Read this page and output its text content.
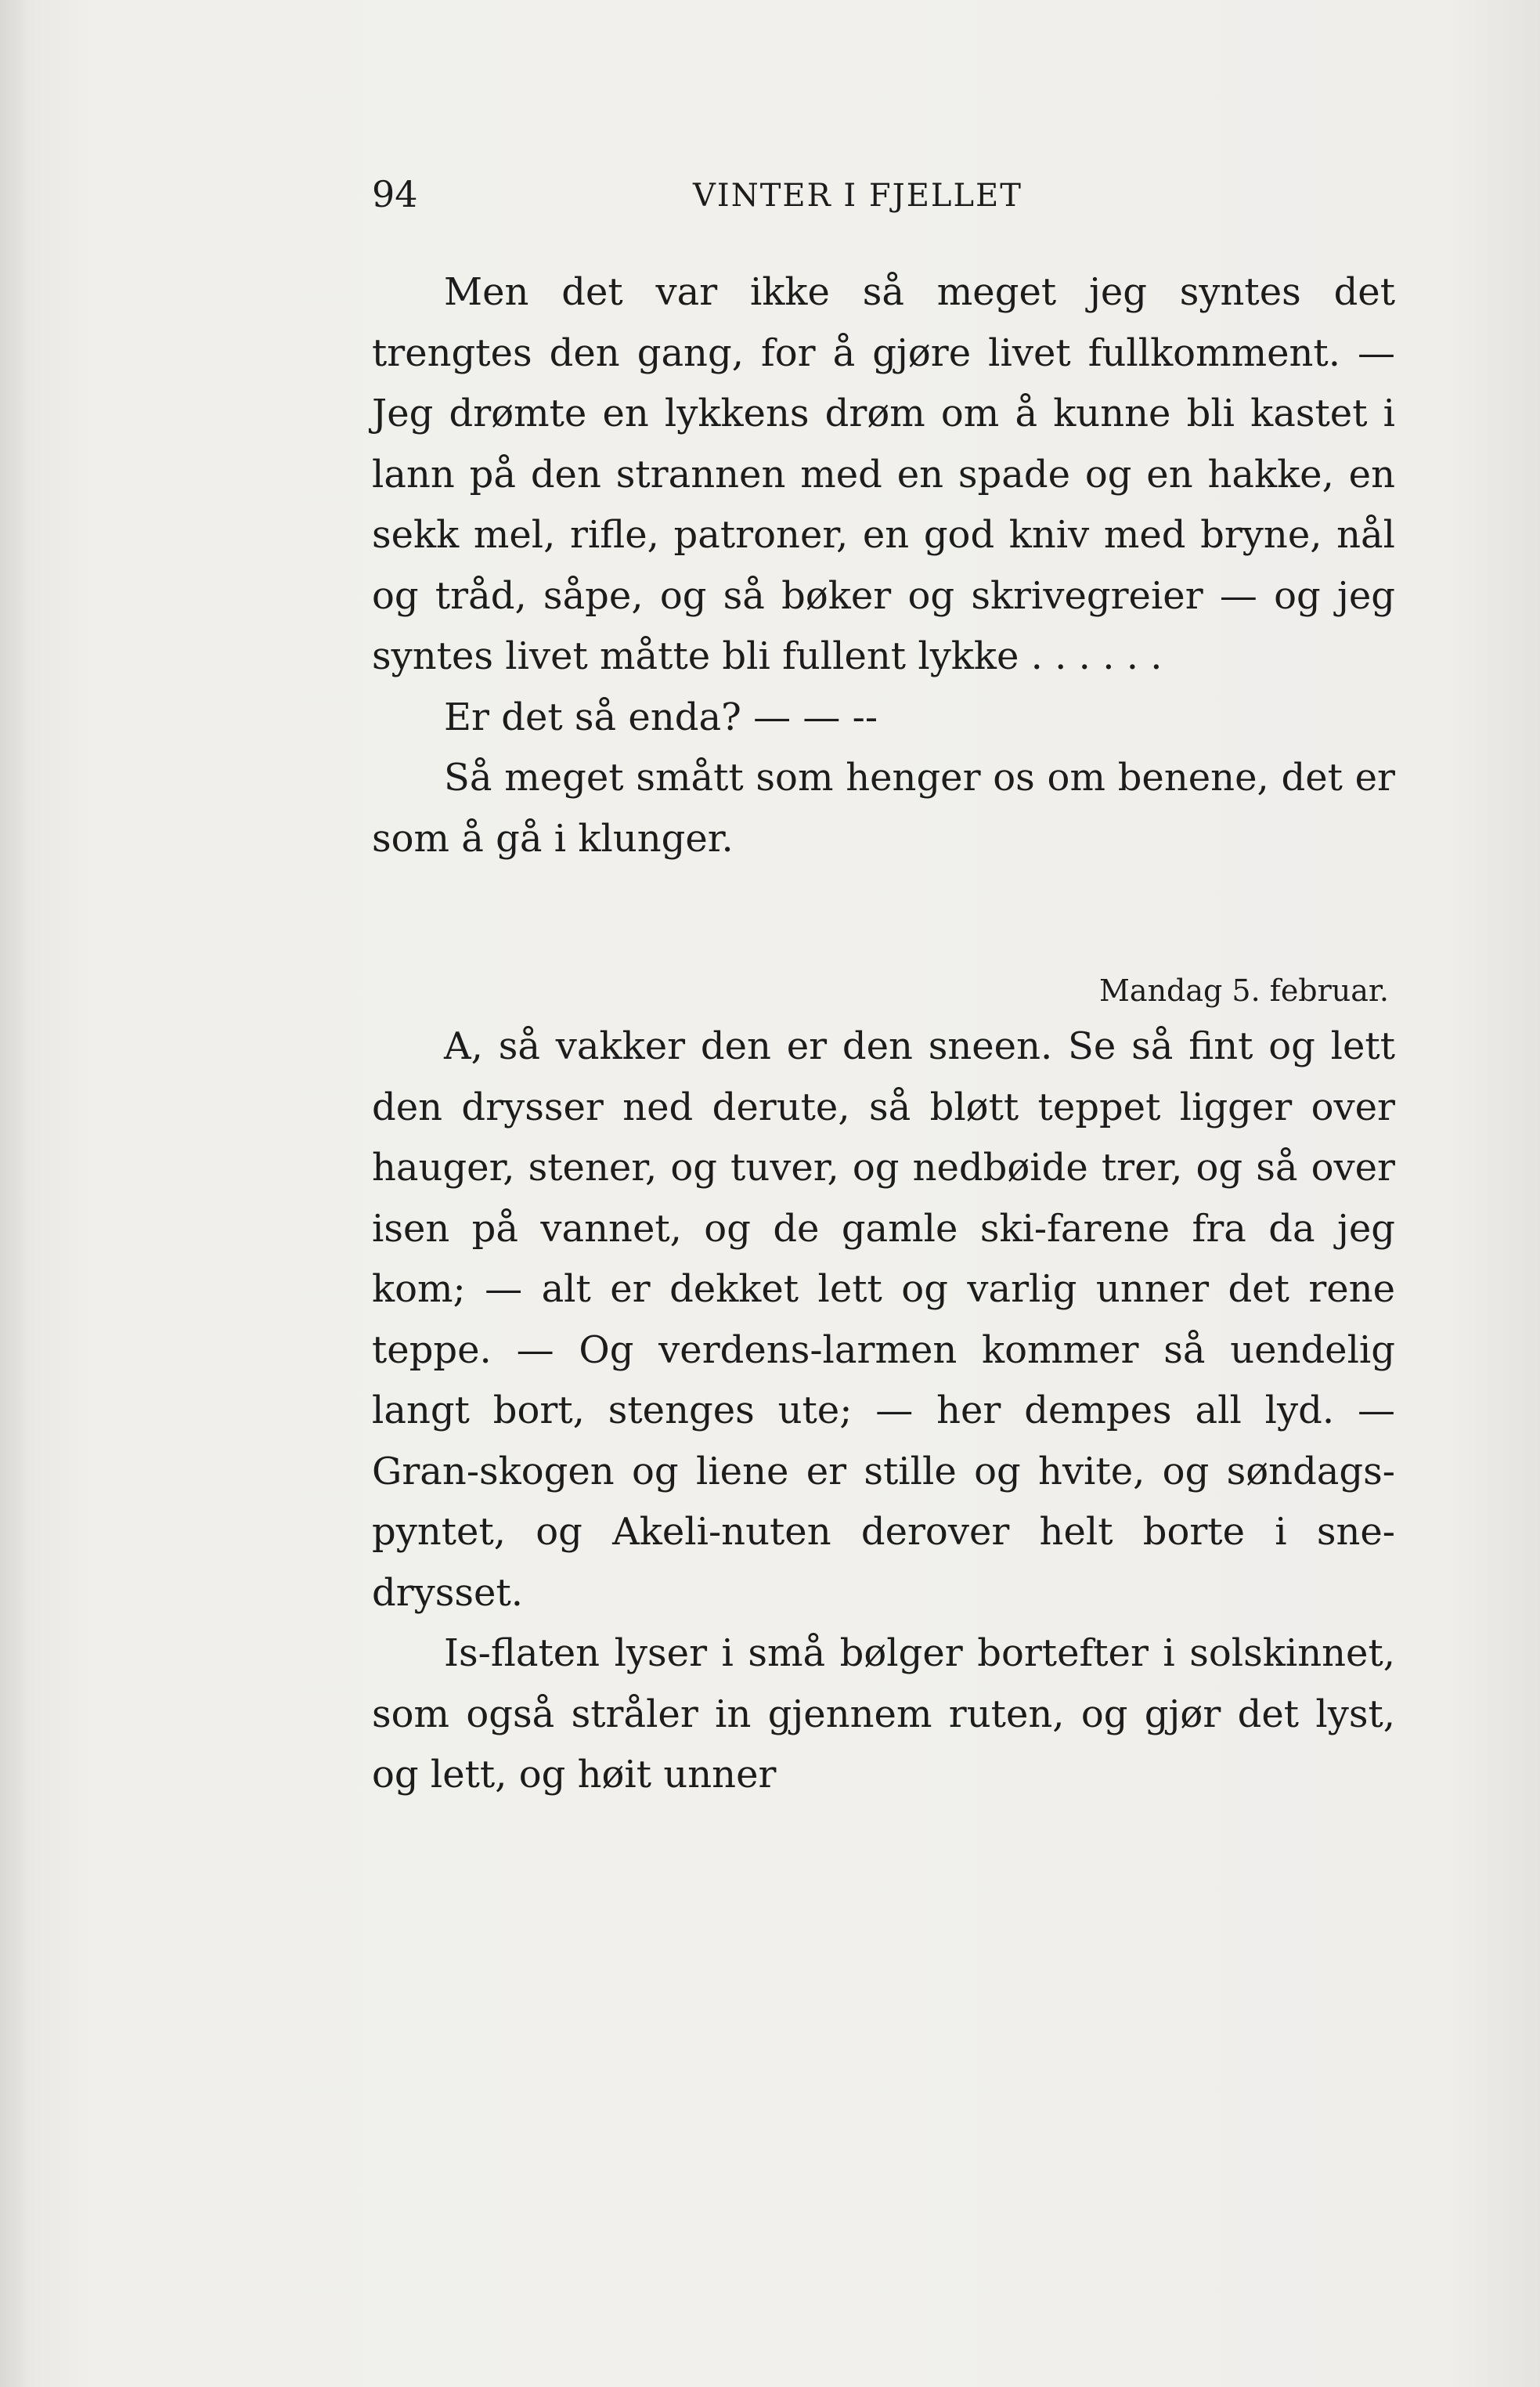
94	VINTER I FJELLET

Men det var ikke så meget jeg syntes det trengtes den gang, for å gjøre livet fullkomment. — Jeg drømte en lykkens drøm om å kunne bli kastet i lann på den strannen med en spade og en hakke, en sekk mel, rifle, patroner, en god kniv med bryne, nål og tråd, såpe, og så bøker og skrivegreier — og jeg syntes livet måtte bli fullent lykke . . . . . .

Er det så enda? — — --

Så meget smått som henger os om benene, det er som å gå i klunger.

Mandag 5. februar.

A, så vakker den er den sneen. Se så fint og lett den drysser ned derute, så bløtt teppet ligger over hauger, stener, og tuver, og nedbøide trer, og så over isen på vannet, og de gamle ski-farene fra da jeg kom; — alt er dekket lett og varlig unner det rene teppe. — Og verdens-larmen kommer så uendelig langt bort, stenges ute; — her dempes all lyd. — Gran-skogen og liene er stille og hvite, og søndags-pyntet, og Akeli-nuten derover helt borte i sne-drysset.

Is-flaten lyser i små bølger bortefter i solskinnet, som også stråler in gjennem ruten, og gjør det lyst, og lett, og høit unner
